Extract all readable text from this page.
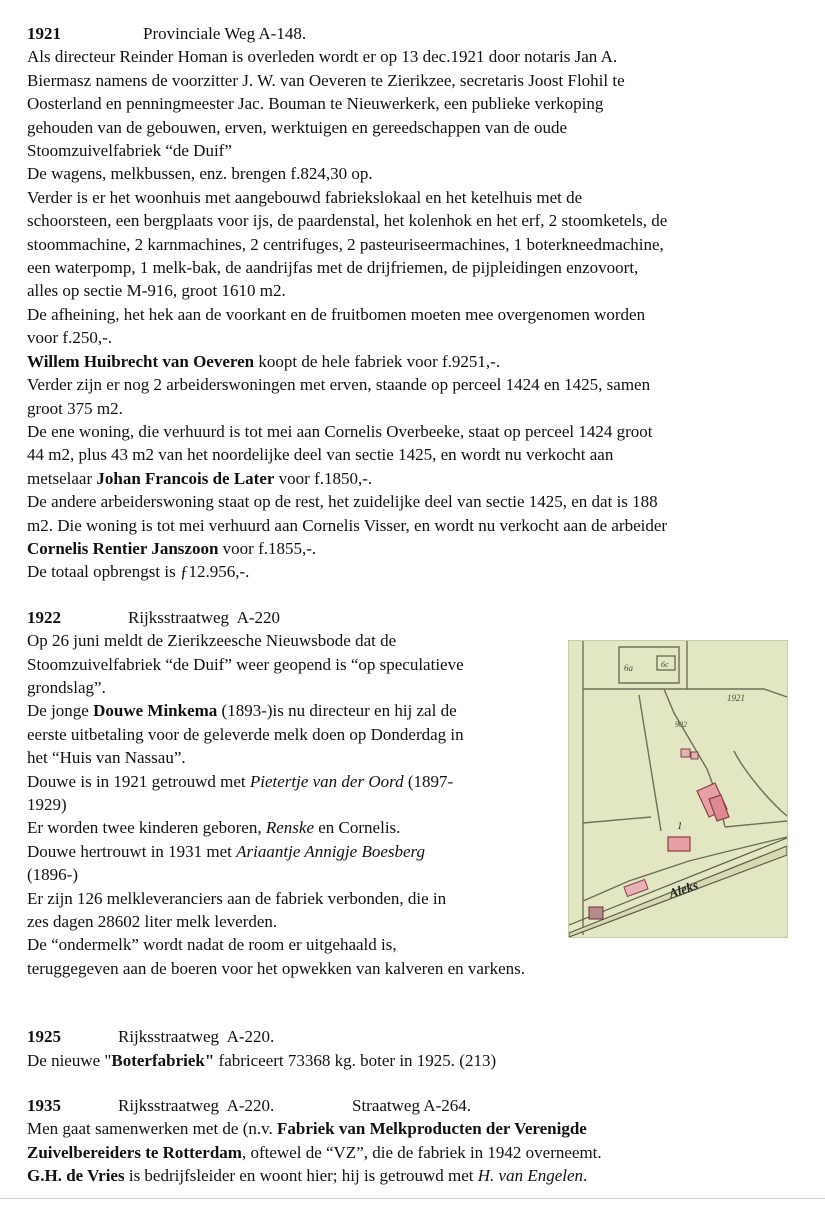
1921	Provinciale Weg A-148.
Als directeur Reinder Homan is overleden wordt er op 13 dec.1921 door notaris Jan A.
Biermasz namens de voorzitter J. W. van Oeveren te Zierikzee, secretaris Joost Flohil te
Oosterland en penningmeester Jac. Bouman te Nieuwerkerk, een publieke verkoping
gehouden van de gebouwen, erven, werktuigen en gereedschappen van de oude
Stoomzuivelfabriek “de Duif”
De wagens, melkbussen, enz. brengen f.824,30 op.
Verder is er het woonhuis met aangebouwd fabriekslokaal en het ketelhuis met de
schoorsteen, een bergplaats voor ijs, de paardenstal, het kolenhok en het erf, 2 stoomketels, de
stoommachine, 2 karnmachines, 2 centrifuges, 2 pasteuriseermachines, 1 boterkneedmachine,
een waterpomp, 1 melk-bak, de aandrijfas met de drijfriemen, de pijpleidingen enzovoort,
alles op sectie M-916, groot 1610 m2.
De afheining, het hek aan de voorkant en de fruitbomen moeten mee overgenomen worden
voor f.250,-.
Willem Huibrecht van Oeveren koopt de hele fabriek voor f.9251,-.
Verder zijn er nog 2 arbeiderswoningen met erven, staande op perceel 1424 en 1425, samen
groot 375 m2.
De ene woning, die verhuurd is tot mei aan Cornelis Overbeeke, staat op perceel 1424 groot
44 m2, plus 43 m2 van het noordelijke deel van sectie 1425, en wordt nu verkocht aan
metselaar Johan Francois de Later voor f.1850,-.
De andere arbeiderswoning staat op de rest, het zuidelijke deel van sectie 1425, en dat is 188
m2. Die woning is tot mei verhuurd aan Cornelis Visser, en wordt nu verkocht aan de arbeider
Cornelis Rentier Janszoon voor f.1855,-.
De totaal opbrengst is ƒ12.956,-.
1922	Rijksstraatweg  A-220
Op 26 juni meldt de Zierikzeesche Nieuwsbode dat de
Stoomzuivelfabriek “de Duif” weer geopend is “op speculatieve
grondslag”.
De jonge Douwe Minkema (1893-)is nu directeur en hij zal de
eerste uitbetaling voor de geleverde melk doen op Donderdag in
het “Huis van Nassau”.
Douwe is in 1921 getrouwd met Pietertje van der Oord (1897-
1929)
Er worden twee kinderen geboren, Renske en Cornelis.
Douwe hertrouwt in 1931 met Ariaantje Annigje Boesberg
(1896-)
Er zijn 126 melkleveranciers aan de fabriek verbonden, die in
zes dagen 28602 liter melk leverden.
De “ondermelk” wordt nadat de room er uitgehaald is,
teruggegeven aan de boeren voor het opwekken van kalveren en varkens.
1925	Rijksstraatweg  A-220.
De nieuwe "Boterfabriek" fabriceert 73368 kg. boter in 1925. (213)
1935	Rijksstraatweg  A-220.	Straatweg A-264.
Men gaat samenwerken met de (n.v. Fabriek van Melkproducten der Verenigde
Zuivelbereiders te Rotterdam, oftewel de “VZ”, die de fabriek in 1942 overneemt.
G.H. de Vries is bedrijfsleider en woont hier; hij is getrouwd met H. van Engelen.
6a	6c
1921
902
1
Aleks
